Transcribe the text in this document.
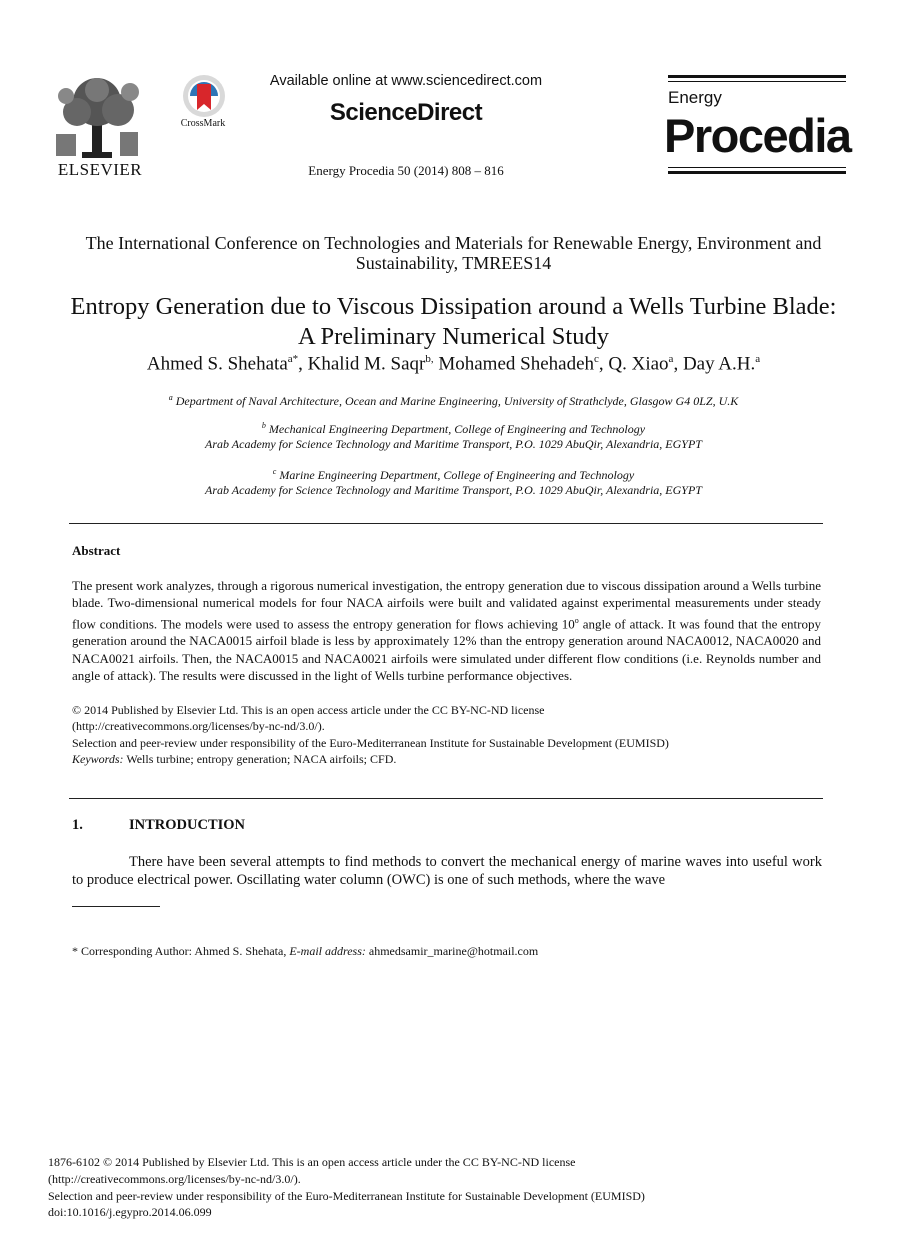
ELSEVIER
CrossMark
Available online at www.sciencedirect.com
ScienceDirect
Energy Procedia 50 (2014) 808 – 816
Energy
Procedia
The International Conference on Technologies and Materials for Renewable Energy, Environment and Sustainability, TMREES14
Entropy Generation due to Viscous Dissipation around a Wells Turbine Blade: A Preliminary Numerical Study
Ahmed S. Shehata$^{a*}$, Khalid M. Saqr$^{b,}$ Mohamed Shehadeh$^c$, Q. Xiao$^a$, Day A.H.$^a$
$^a$ Department of Naval Architecture, Ocean and Marine Engineering, University of Strathclyde, Glasgow G4 0LZ, U.K
$^b$ Mechanical Engineering Department, College of Engineering and Technology
Arab Academy for Science Technology and Maritime Transport, P.O. 1029 AbuQir, Alexandria, EGYPT
$^c$ Marine Engineering Department, College of Engineering and Technology
Arab Academy for Science Technology and Maritime Transport, P.O. 1029 AbuQir, Alexandria, EGYPT
Abstract
The present work analyzes, through a rigorous numerical investigation, the entropy generation due to viscous dissipation around a Wells turbine blade. Two-dimensional numerical models for four NACA airfoils were built and validated against experimental measurements under steady flow conditions. The models were used to assess the entropy generation for flows achieving 10$^o$ angle of attack. It was found that the entropy generation around the NACA0015 airfoil blade is less by approximately 12% than the entropy generation around NACA0012, NACA0020 and NACA0021 airfoils. Then, the NACA0015 and NACA0021 airfoils were simulated under different flow conditions (i.e. Reynolds number and angle of attack). The results were discussed in the light of Wells turbine performance objectives.
© 2014 Published by Elsevier Ltd. This is an open access article under the CC BY-NC-ND license
(http://creativecommons.org/licenses/by-nc-nd/3.0/).
Selection and peer-review under responsibility of the Euro-Mediterranean Institute for Sustainable Development (EUMISD)
Keywords: Wells turbine; entropy generation; NACA airfoils; CFD.
1.	INTRODUCTION
There have been several attempts to find methods to convert the mechanical energy of marine waves into useful work to produce electrical power. Oscillating water column (OWC) is one of such methods, where the wave
* Corresponding Author: Ahmed S. Shehata, E-mail address: ahmedsamir_marine@hotmail.com
1876-6102 © 2014 Published by Elsevier Ltd. This is an open access article under the CC BY-NC-ND license
(http://creativecommons.org/licenses/by-nc-nd/3.0/).
Selection and peer-review under responsibility of the Euro-Mediterranean Institute for Sustainable Development (EUMISD)
doi:10.1016/j.egypro.2014.06.099
